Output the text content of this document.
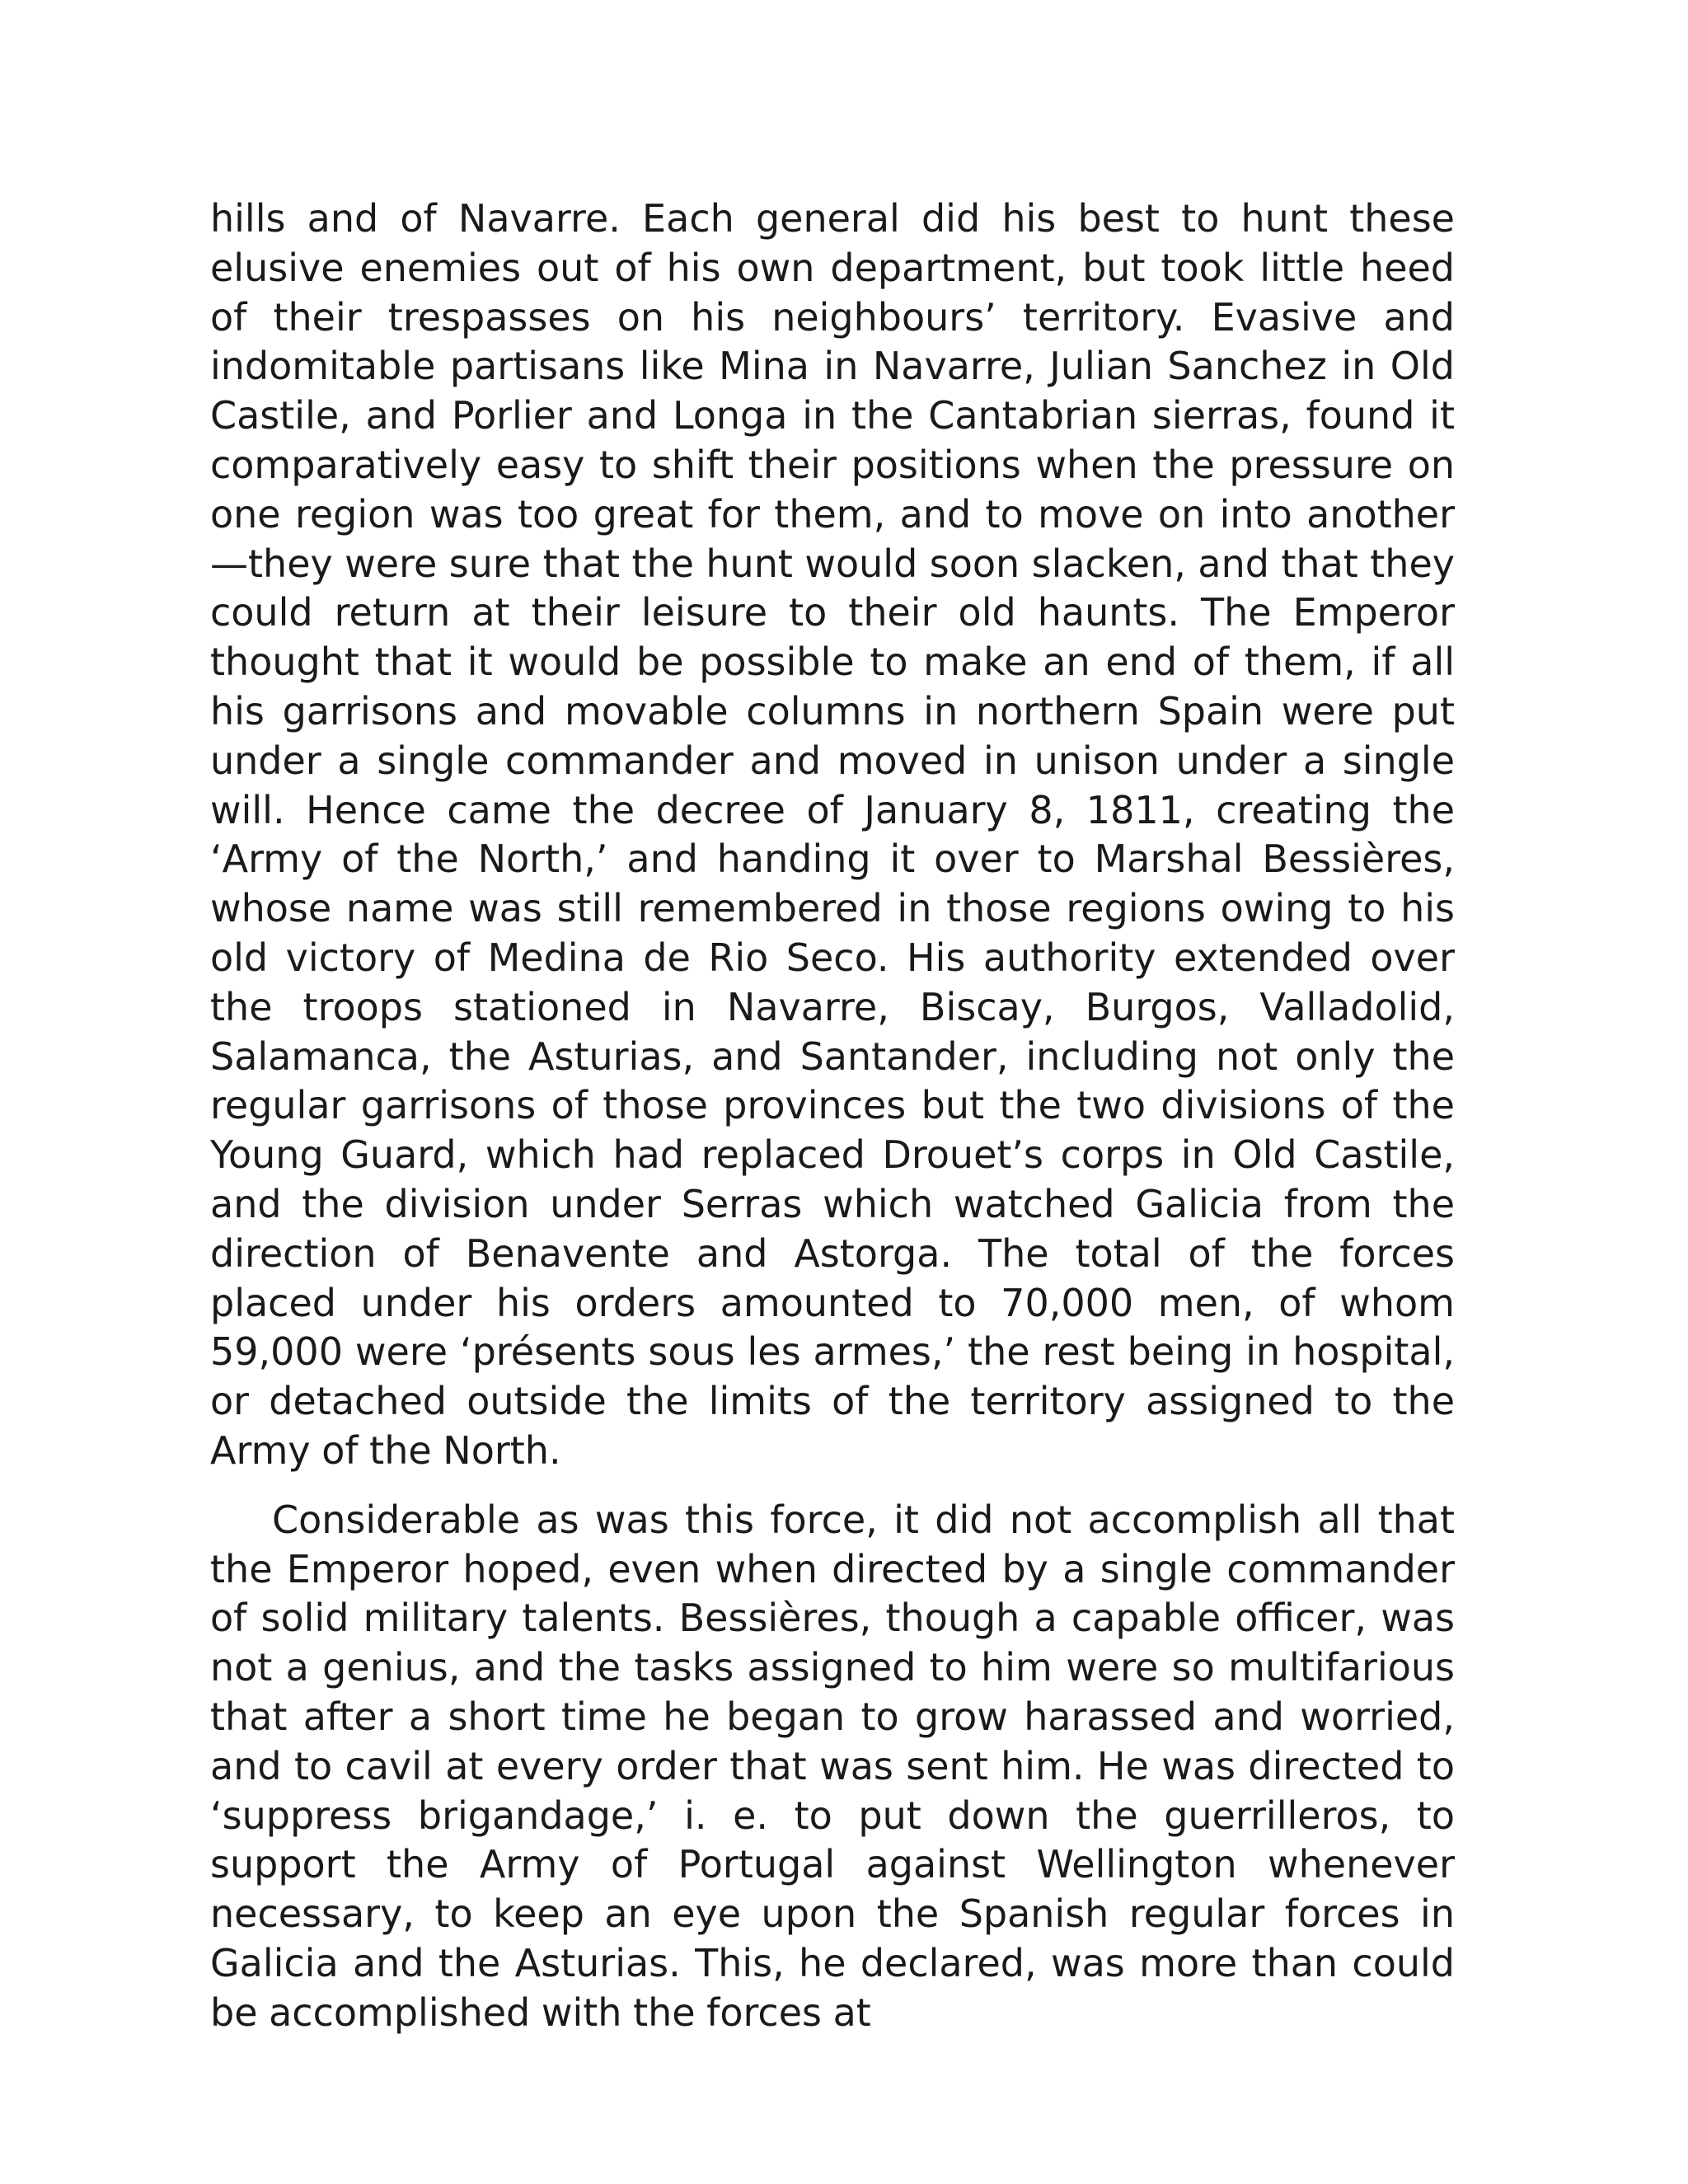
hills and of Navarre. Each general did his best to hunt these elusive enemies out of his own department, but took little heed of their trespasses on his neighbours’ territory. Evasive and indomitable partisans like Mina in Navarre, Julian Sanchez in Old Castile, and Porlier and Longa in the Cantabrian sierras, found it comparatively easy to shift their positions when the pressure on one region was too great for them, and to move on into another—they were sure that the hunt would soon slacken, and that they could return at their leisure to their old haunts. The Emperor thought that it would be possible to make an end of them, if all his garrisons and movable columns in northern Spain were put under a single commander and moved in unison under a single will. Hence came the decree of January 8, 1811, creating the ‘Army of the North,’ and handing it over to Marshal Bessières, whose name was still remembered in those regions owing to his old victory of Medina de Rio Seco. His authority extended over the troops stationed in Navarre, Biscay, Burgos, Valladolid, Salamanca, the Asturias, and Santander, including not only the regular garrisons of those provinces but the two divisions of the Young Guard, which had replaced Drouet’s corps in Old Castile, and the division under Serras which watched Galicia from the direction of Benavente and Astorga. The total of the forces placed under his orders amounted to 70,000 men, of whom 59,000 were ‘présents sous les armes,’ the rest being in hospital, or detached outside the limits of the territory assigned to the Army of the North.

Considerable as was this force, it did not accomplish all that the Emperor hoped, even when directed by a single commander of solid military talents. Bessières, though a capable officer, was not a genius, and the tasks assigned to him were so multifarious that after a short time he began to grow harassed and worried, and to cavil at every order that was sent him. He was directed to ‘suppress brigandage,’ i. e. to put down the guerrilleros, to support the Army of Portugal against Wellington whenever necessary, to keep an eye upon the Spanish regular forces in Galicia and the Asturias. This, he declared, was more than could be accomplished with the forces at
